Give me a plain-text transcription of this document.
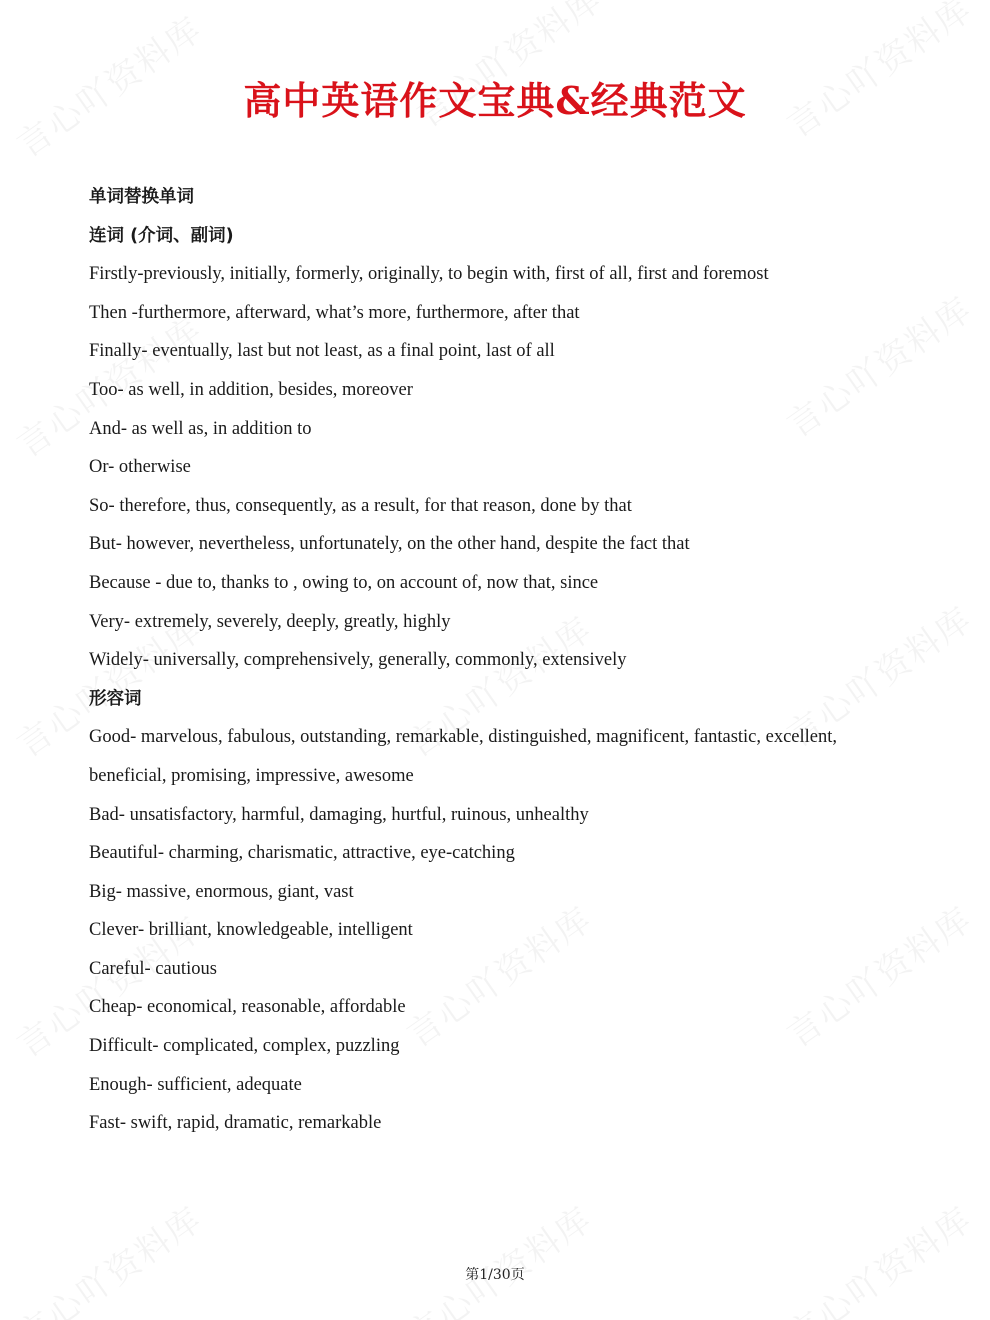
高中英语作文宝典&经典范文
单词替换单词
连词 (介词、副词)
Firstly-previously, initially, formerly, originally, to begin with, first of all, first and foremost
Then -furthermore, afterward, what’s more, furthermore, after that
Finally- eventually, last but not least, as a final point, last of all
Too- as well, in addition, besides, moreover
And- as well as, in addition to
Or- otherwise
So- therefore, thus, consequently, as a result, for that reason, done by that
But- however, nevertheless, unfortunately, on the other hand, despite the fact that
Because - due to, thanks to , owing to, on account of, now that, since
Very- extremely, severely, deeply, greatly, highly
Widely- universally, comprehensively, generally, commonly, extensively
形容词
Good- marvelous, fabulous, outstanding, remarkable, distinguished, magnificent, fantastic, excellent,
beneficial, promising, impressive, awesome
Bad- unsatisfactory, harmful, damaging, hurtful, ruinous, unhealthy
Beautiful- charming, charismatic, attractive, eye-catching
Big- massive, enormous, giant, vast
Clever- brilliant, knowledgeable, intelligent
Careful- cautious
Cheap- economical, reasonable, affordable
Difficult- complicated, complex, puzzling
Enough- sufficient, adequate
Fast- swift, rapid, dramatic, remarkable
第1/30页
